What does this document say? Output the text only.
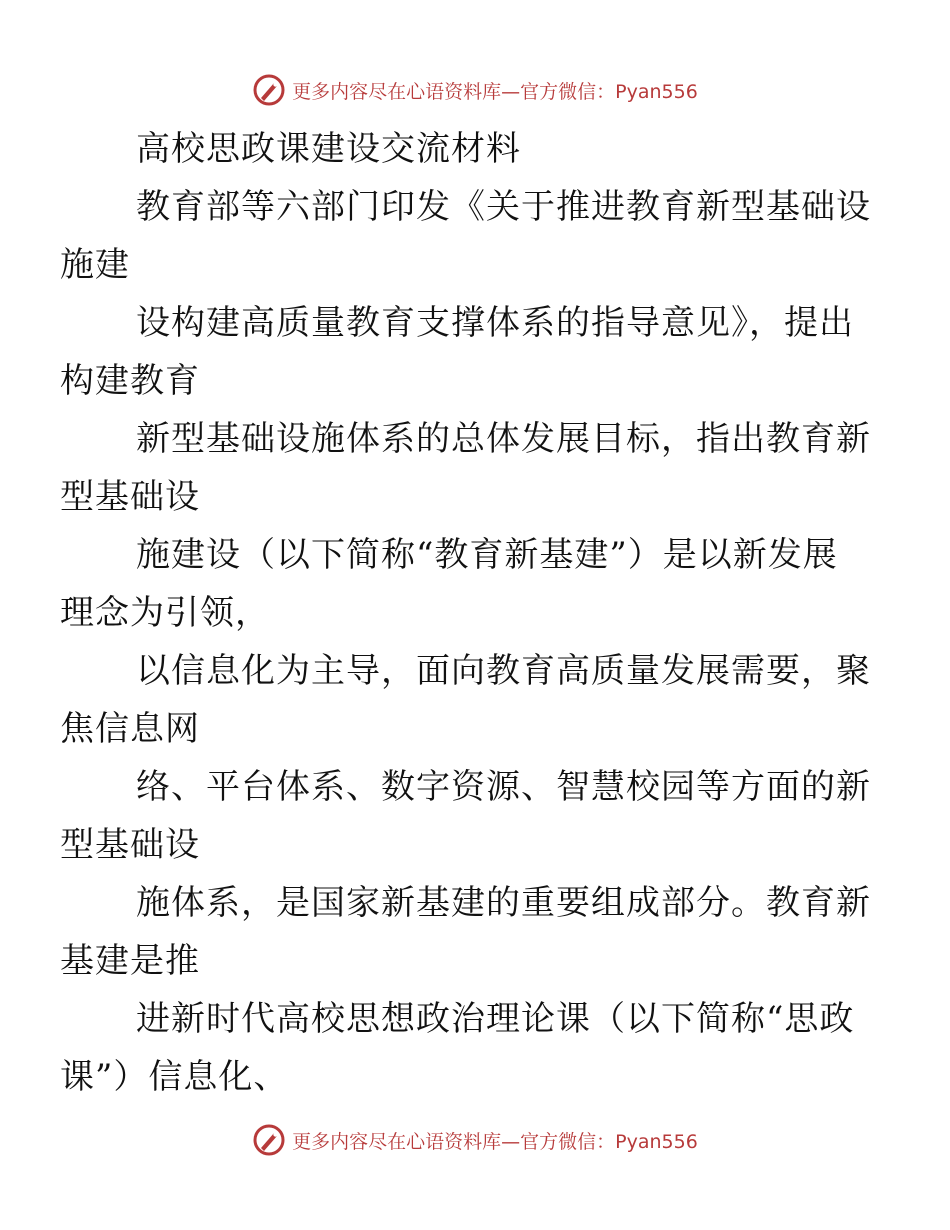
更多内容尽在心语资料库—官方微信：Pyan556

高校思政课建设交流材料

教育部等六部门印发《关于推进教育新型基础设
施建

设构建高质量教育支撑体系的指导意见》，提出
构建教育

新型基础设施体系的总体发展目标，指出教育新
型基础设

施建设（以下简称“教育新基建”）是以新发展
理念为引领，

以信息化为主导，面向教育高质量发展需要，聚
焦信息网

络、平台体系、数字资源、智慧校园等方面的新
型基础设

施体系，是国家新基建的重要组成部分。教育新
基建是推

进新时代高校思想政治理论课（以下简称“思政
课”）信息化、

更多内容尽在心语资料库—官方微信：Pyan556
